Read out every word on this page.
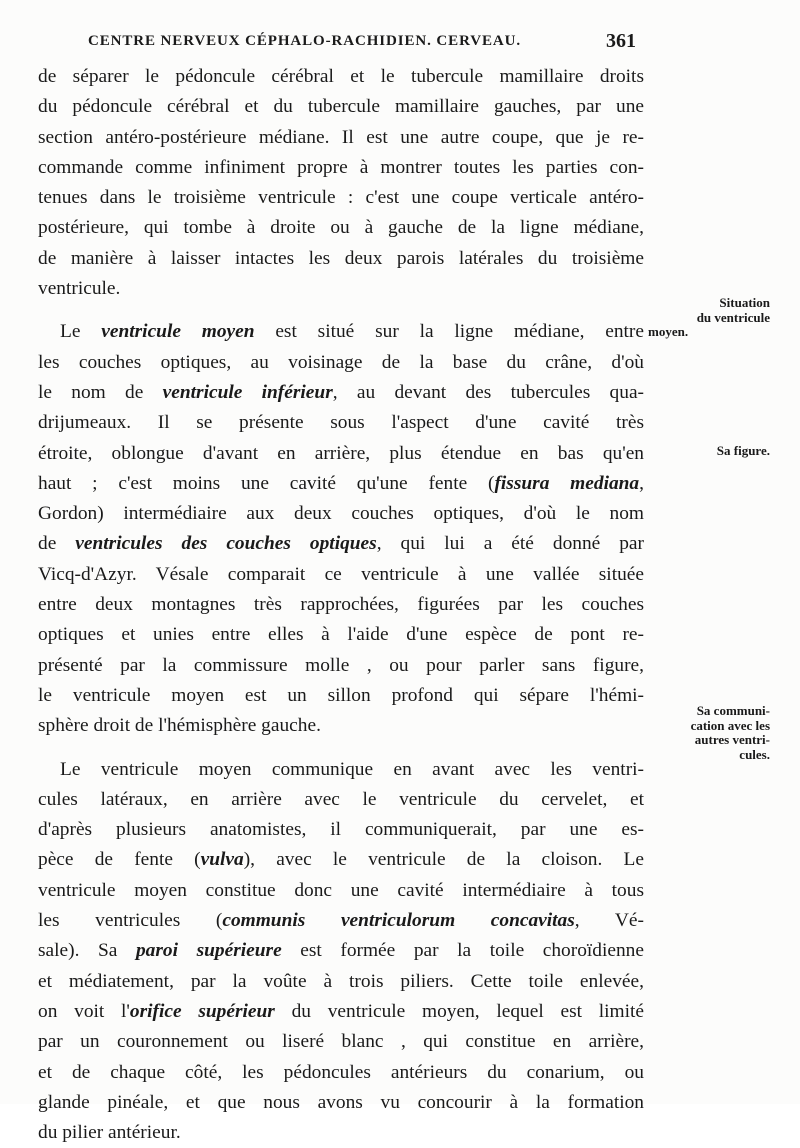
CENTRE NERVEUX CÉPHALO-RACHIDIEN. CERVEAU.	361
de séparer le pédoncule cérébral et le tubercule mamillaire droits
du pédoncule cérébral et du tubercule mamillaire gauches, par une
section antéro-postérieure médiane. Il est une autre coupe, que je re-
commande comme infiniment propre à montrer toutes les parties con-
tenues dans le troisième ventricule : c'est une coupe verticale antéro-
postérieure, qui tombe à droite ou à gauche de la ligne médiane,
de manière à laisser intactes les deux parois latérales du troisième
ventricule.
Le ventricule moyen est situé sur la ligne médiane, entre
les couches optiques, au voisinage de la base du crâne, d'où
le nom de ventricule inférieur, au devant des tubercules qua-
drijumeaux. Il se présente sous l'aspect d'une cavité très
étroite, oblongue d'avant en arrière, plus étendue en bas qu'en
haut ; c'est moins une cavité qu'une fente (fissura mediana,
Gordon) intermédiaire aux deux couches optiques, d'où le nom
de ventricules des couches optiques, qui lui a été donné par
Vicq-d'Azyr. Vésale comparait ce ventricule à une vallée située
entre deux montagnes très rapprochées, figurées par les couches
optiques et unies entre elles à l'aide d'une espèce de pont re-
présenté par la commissure molle , ou pour parler sans figure,
le ventricule moyen est un sillon profond qui sépare l'hémi-
sphère droit de l'hémisphère gauche.
Le ventricule moyen communique en avant avec les ventri-
cules latéraux, en arrière avec le ventricule du cervelet, et
d'après plusieurs anatomistes, il communiquerait, par une es-
pèce de fente (vulva), avec le ventricule de la cloison. Le
ventricule moyen constitue donc une cavité intermédiaire à tous
les ventricules (communis ventriculorum concavitas, Vé-
sale). Sa paroi supérieure est formée par la toile choroïdienne
et médiatement, par la voûte à trois piliers. Cette toile enlevée,
on voit l'orifice supérieur du ventricule moyen, lequel est limité
par un couronnement ou liseré blanc , qui constitue en arrière,
et de chaque côté, les pédoncules antérieurs du conarium, ou
glande pinéale, et que nous avons vu concourir à la formation
du pilier antérieur.
Situation
du ventricule
moyen.
Sa figure.
Sa communi-
cation avec les
autres ventri-
cules.
